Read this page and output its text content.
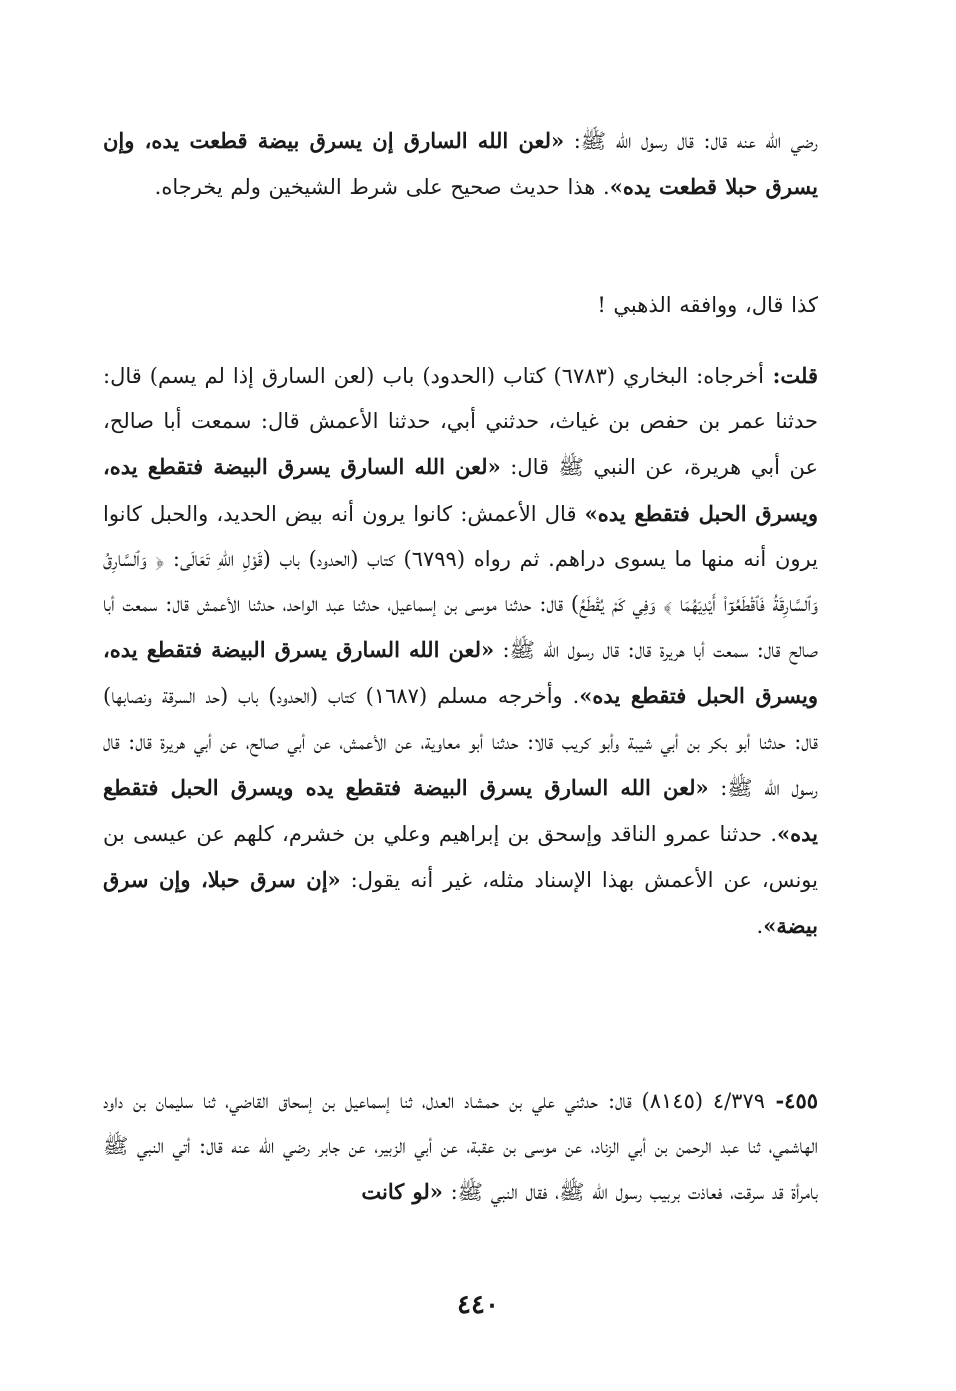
رضي الله عنه قال: قال رسول الله ﷺ: «لعن الله السارق إن يسرق بيضة قطعت يده، وإن يسرق حبلا قطعت يده». هذا حديث صحيح على شرط الشيخين ولم يخرجاه.
كذا قال، ووافقه الذهبي !
قلت: أخرجاه: البخاري (٦٧٨٣) كتاب (الحدود) باب (لعن السارق إذا لم يسم) قال: حدثنا عمر بن حفص بن غياث، حدثني أبي، حدثنا الأعمش قال: سمعت أبا صالح، عن أبي هريرة، عن النبي ﷺ قال: «لعن الله السارق يسرق البيضة فتقطع يده، ويسرق الحبل فتقطع يده» قال الأعمش: كانوا يرون أنه بيض الحديد، والحبل كانوا يرون أنه منها ما يسوى دراهم. ثم رواه (٦٧٩٩) كتاب (الحدود) باب (قَوْلِ اللهِ تَعَالَى: ﴿ وَٱلسَّارِقُ وَٱلسَّارِقَةُ فَٱقْطَعُوٓا۟ أَيْدِيَهُمَا ﴾ وَفِي كَمْ يُقْطَعُ) قال: حدثنا موسى بن إسماعيل، حدثنا عبد الواحد، حدثنا الأعمش قال: سمعت أبا صالح قال: سمعت أبا هريرة قال: قال رسول الله ﷺ: «لعن الله السارق يسرق البيضة فتقطع يده، ويسرق الحبل فتقطع يده». وأخرجه مسلم (١٦٨٧) كتاب (الحدود) باب (حد السرقة ونصابها) قال: حدثنا أبو بكر بن أبي شيبة وأبو كريب قالا: حدثنا أبو معاوية، عن الأعمش، عن أبي صالح، عن أبي هريرة قال: قال رسول الله ﷺ: «لعن الله السارق يسرق البيضة فتقطع يده ويسرق الحبل فتقطع يده». حدثنا عمرو الناقد وإسحق بن إبراهيم وعلي بن خشرم، كلهم عن عيسى بن يونس، عن الأعمش بهذا الإسناد مثله، غير أنه يقول: «إن سرق حبلا، وإن سرق بيضة».
٤٥٥- ٤/٣٧٩ (٨١٤٥) قال: حدثني علي بن حمشاد العدل، ثنا إسماعيل بن إسحاق القاضي، ثنا سليمان بن داود الهاشمي، ثنا عبد الرحمن بن أبي الزناد، عن موسى بن عقبة، عن أبي الزبير، عن جابر رضي الله عنه قال: أتي النبي ﷺ بامرأة قد سرقت، فعاذت بربيب رسول الله ﷺ، فقال النبي ﷺ: «لو كانت
٤٤٠
